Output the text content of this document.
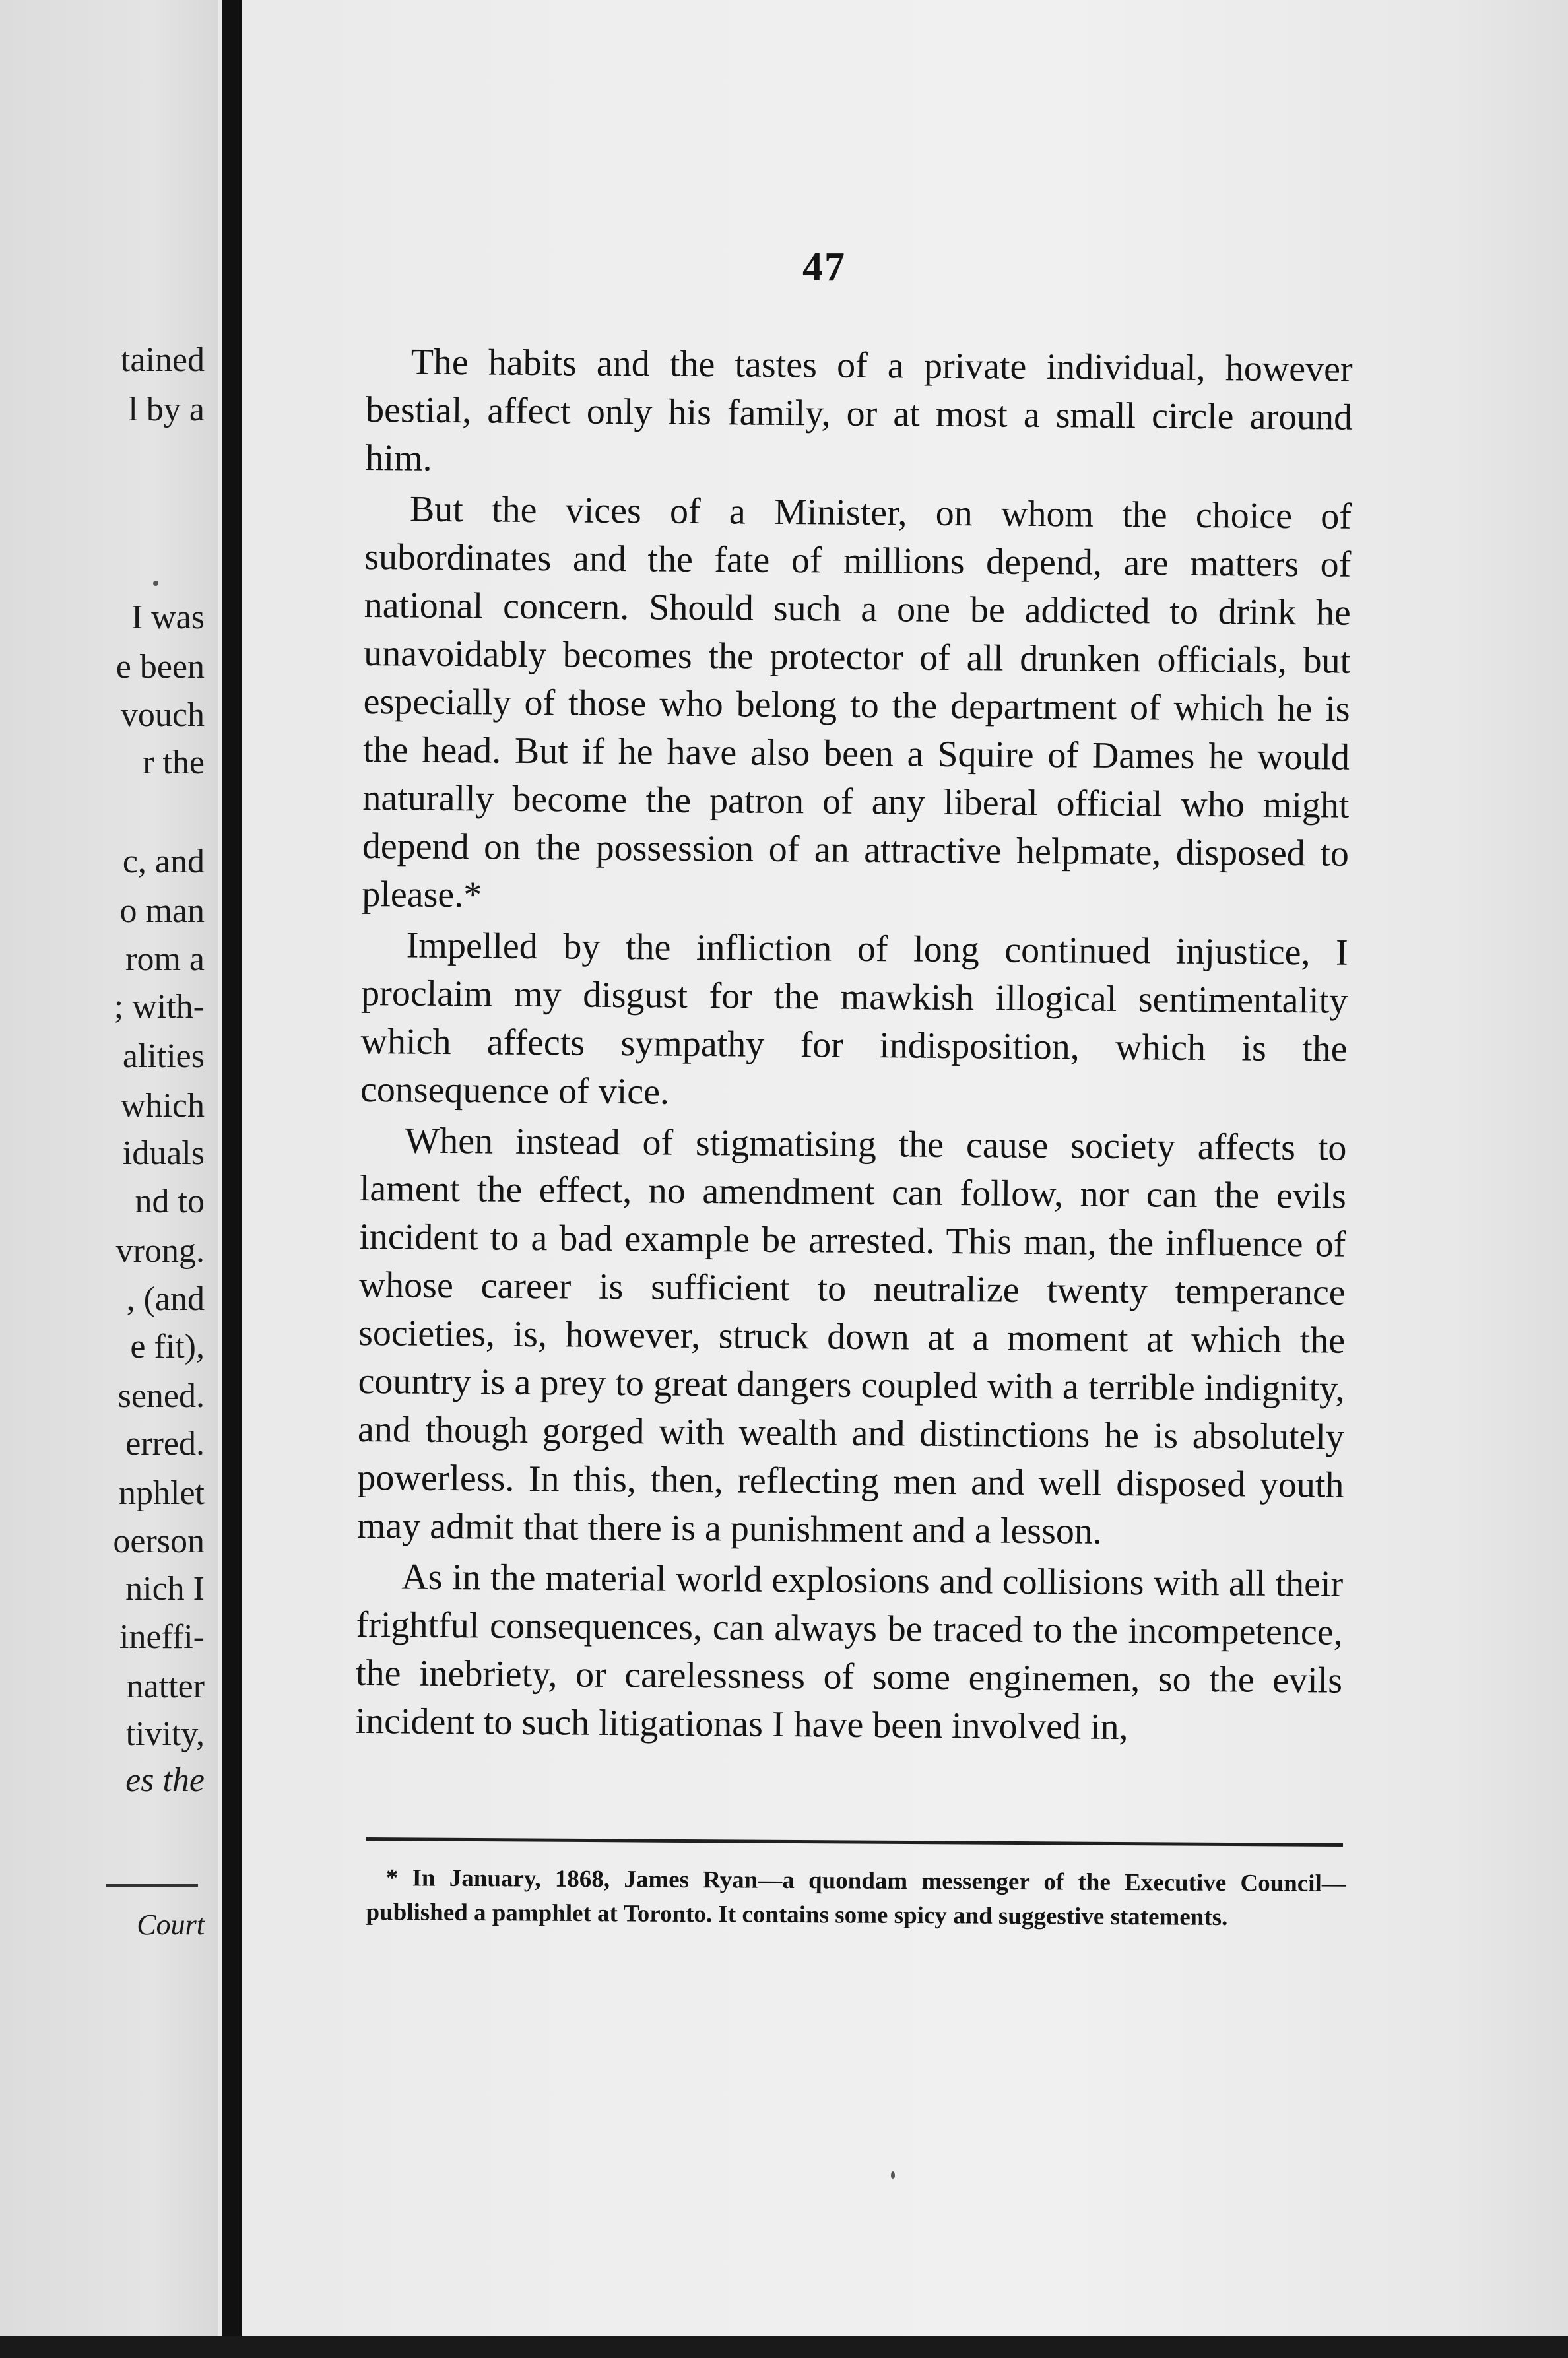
tained
l by a
I was
e been
vouch
r the
c, and
o man
rom a
; with-
alities
which
iduals
nd to
vrong.
, (and
e fit),
sened.
erred.
nphlet
oerson
nich I
ineffi-
natter
tivity,
es the
Court
47

The habits and the tastes of a private individual, however bestial, affect only his family, or at most a small circle around him.

But the vices of a Minister, on whom the choice of subordinates and the fate of millions depend, are matters of national concern. Should such a one be addicted to drink he unavoidably becomes the protector of all drunken officials, but especially of those who belong to the department of which he is the head. But if he have also been a Squire of Dames he would naturally become the patron of any liberal official who might depend on the possession of an attractive helpmate, disposed to please.*

Impelled by the infliction of long continued injustice, I proclaim my disgust for the mawkish illogical sentimentality which affects sympathy for indisposition, which is the consequence of vice.

When instead of stigmatising the cause society affects to lament the effect, no amendment can follow, nor can the evils incident to a bad example be arrested. This man, the influence of whose career is sufficient to neutralize twenty temperance societies, is, however, struck down at a moment at which the country is a prey to great dangers coupled with a terrible indignity, and though gorged with wealth and distinctions he is absolutely powerless. In this, then, reflecting men and well disposed youth may admit that there is a punishment and a lesson.

As in the material world explosions and collisions with all their frightful consequences, can always be traced to the incompetence, the inebriety, or carelessness of some enginemen, so the evils incident to such litigationas I have been involved in,

* In January, 1868, James Ryan—a quondam messenger of the Executive Council—published a pamphlet at Toronto. It contains some spicy and suggestive statements.
